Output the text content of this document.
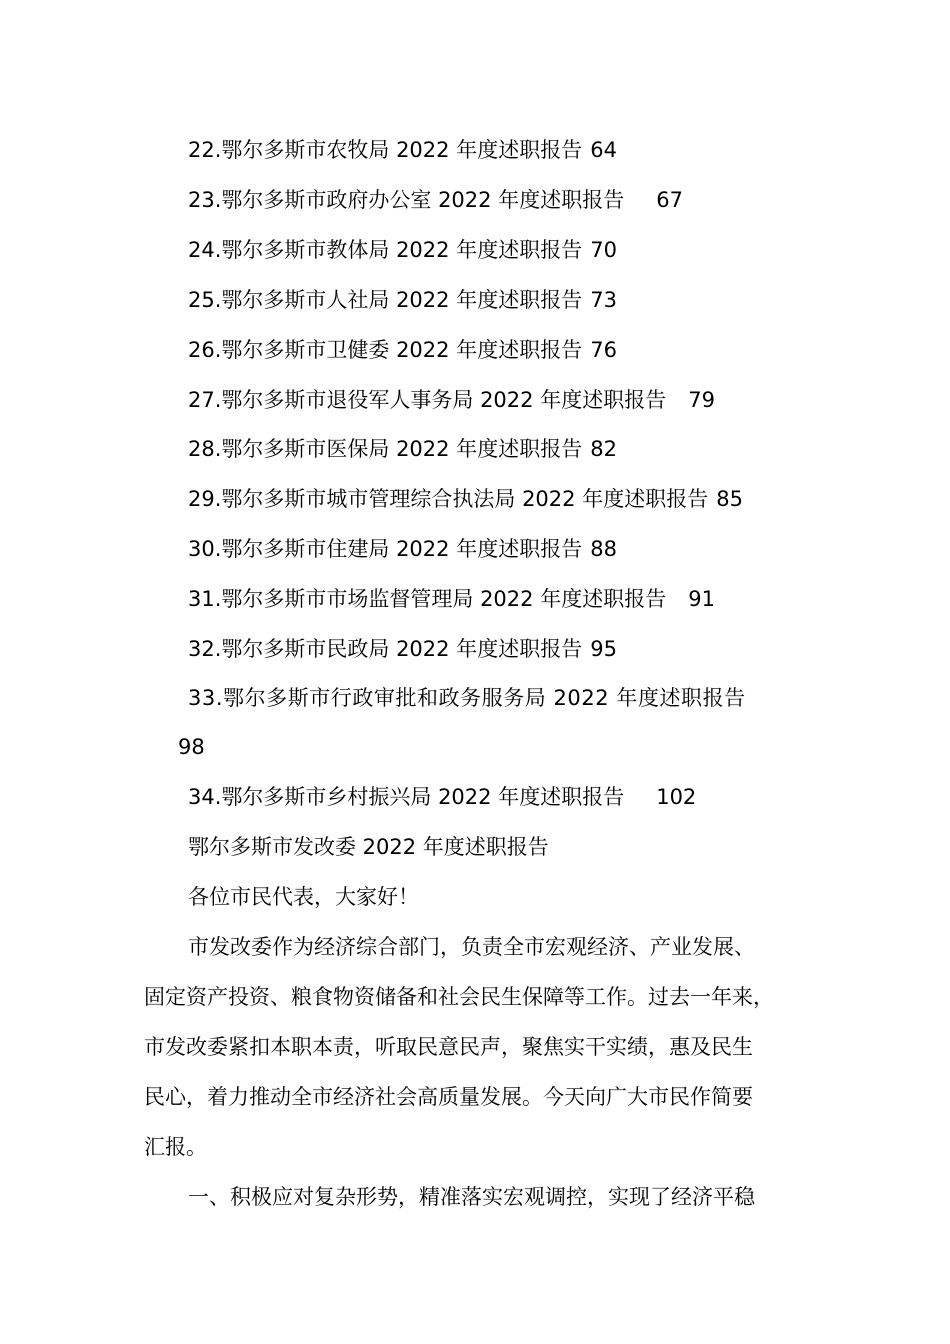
22.鄂尔多斯市农牧局 2022 年度述职报告 64
23.鄂尔多斯市政府办公室 2022 年度述职报告 67
24.鄂尔多斯市教体局 2022 年度述职报告 70
25.鄂尔多斯市人社局 2022 年度述职报告 73
26.鄂尔多斯市卫健委 2022 年度述职报告 76
27.鄂尔多斯市退役军人事务局 2022 年度述职报告 79
28.鄂尔多斯市医保局 2022 年度述职报告 82
29.鄂尔多斯市城市管理综合执法局 2022 年度述职报告 85
30.鄂尔多斯市住建局 2022 年度述职报告 88
31.鄂尔多斯市市场监督管理局 2022 年度述职报告 91
32.鄂尔多斯市民政局 2022 年度述职报告 95
33.鄂尔多斯市行政审批和政务服务局 2022 年度述职报告
98
34.鄂尔多斯市乡村振兴局 2022 年度述职报告 102
鄂尔多斯市发改委 2022 年度述职报告
各位市民代表，大家好！
市发改委作为经济综合部门，负责全市宏观经济、产业发展、
固定资产投资、粮食物资储备和社会民生保障等工作。过去一年来，
市发改委紧扣本职本责，听取民意民声，聚焦实干实绩，惠及民生
民心，着力推动全市经济社会高质量发展。今天向广大市民作简要
汇报。
一、积极应对复杂形势，精准落实宏观调控，实现了经济平稳
